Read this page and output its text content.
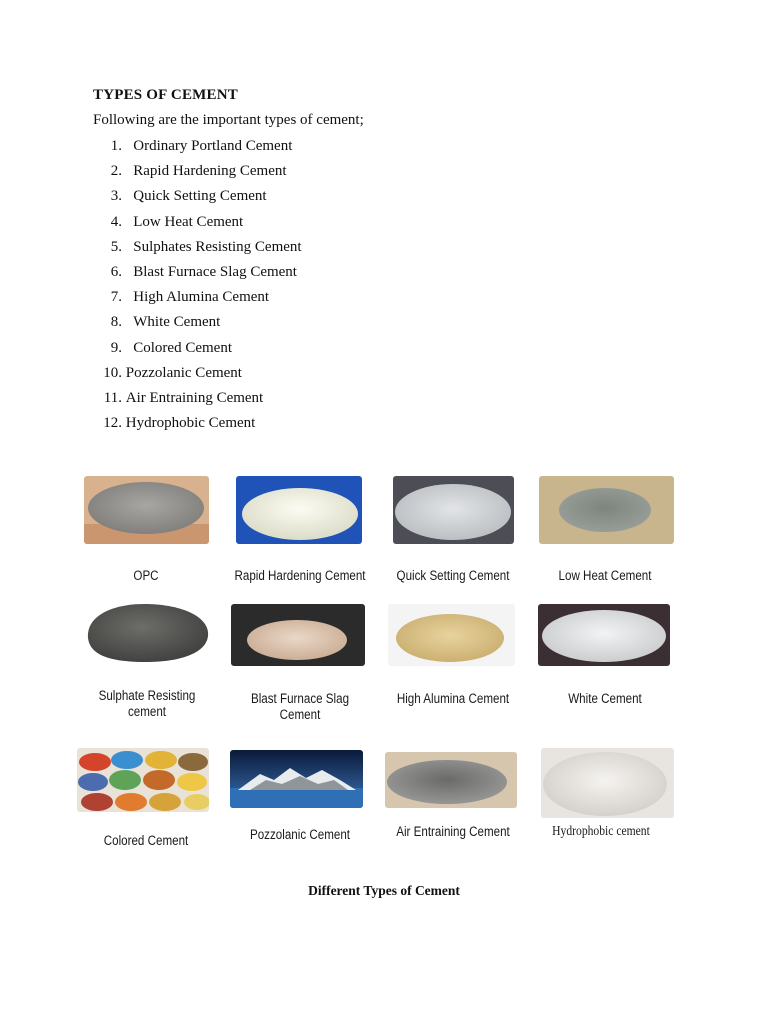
TYPES OF CEMENT
Following are the important types of cement;
1. Ordinary Portland Cement
2. Rapid Hardening Cement
3. Quick Setting Cement
4. Low Heat Cement
5. Sulphates Resisting Cement
6. Blast Furnace Slag Cement
7. High Alumina Cement
8. White Cement
9. Colored Cement
10. Pozzolanic Cement
11. Air Entraining Cement
12. Hydrophobic Cement
OPC	Rapid Hardening Cement	Quick Setting Cement	Low Heat Cement
Sulphate Resisting
cement
Blast Furnace Slag
Cement
High Alumina Cement	White Cement
Colored Cement	Pozzolanic Cement	Air Entraining Cement	Hydrophobic cement
Different Types of Cement
